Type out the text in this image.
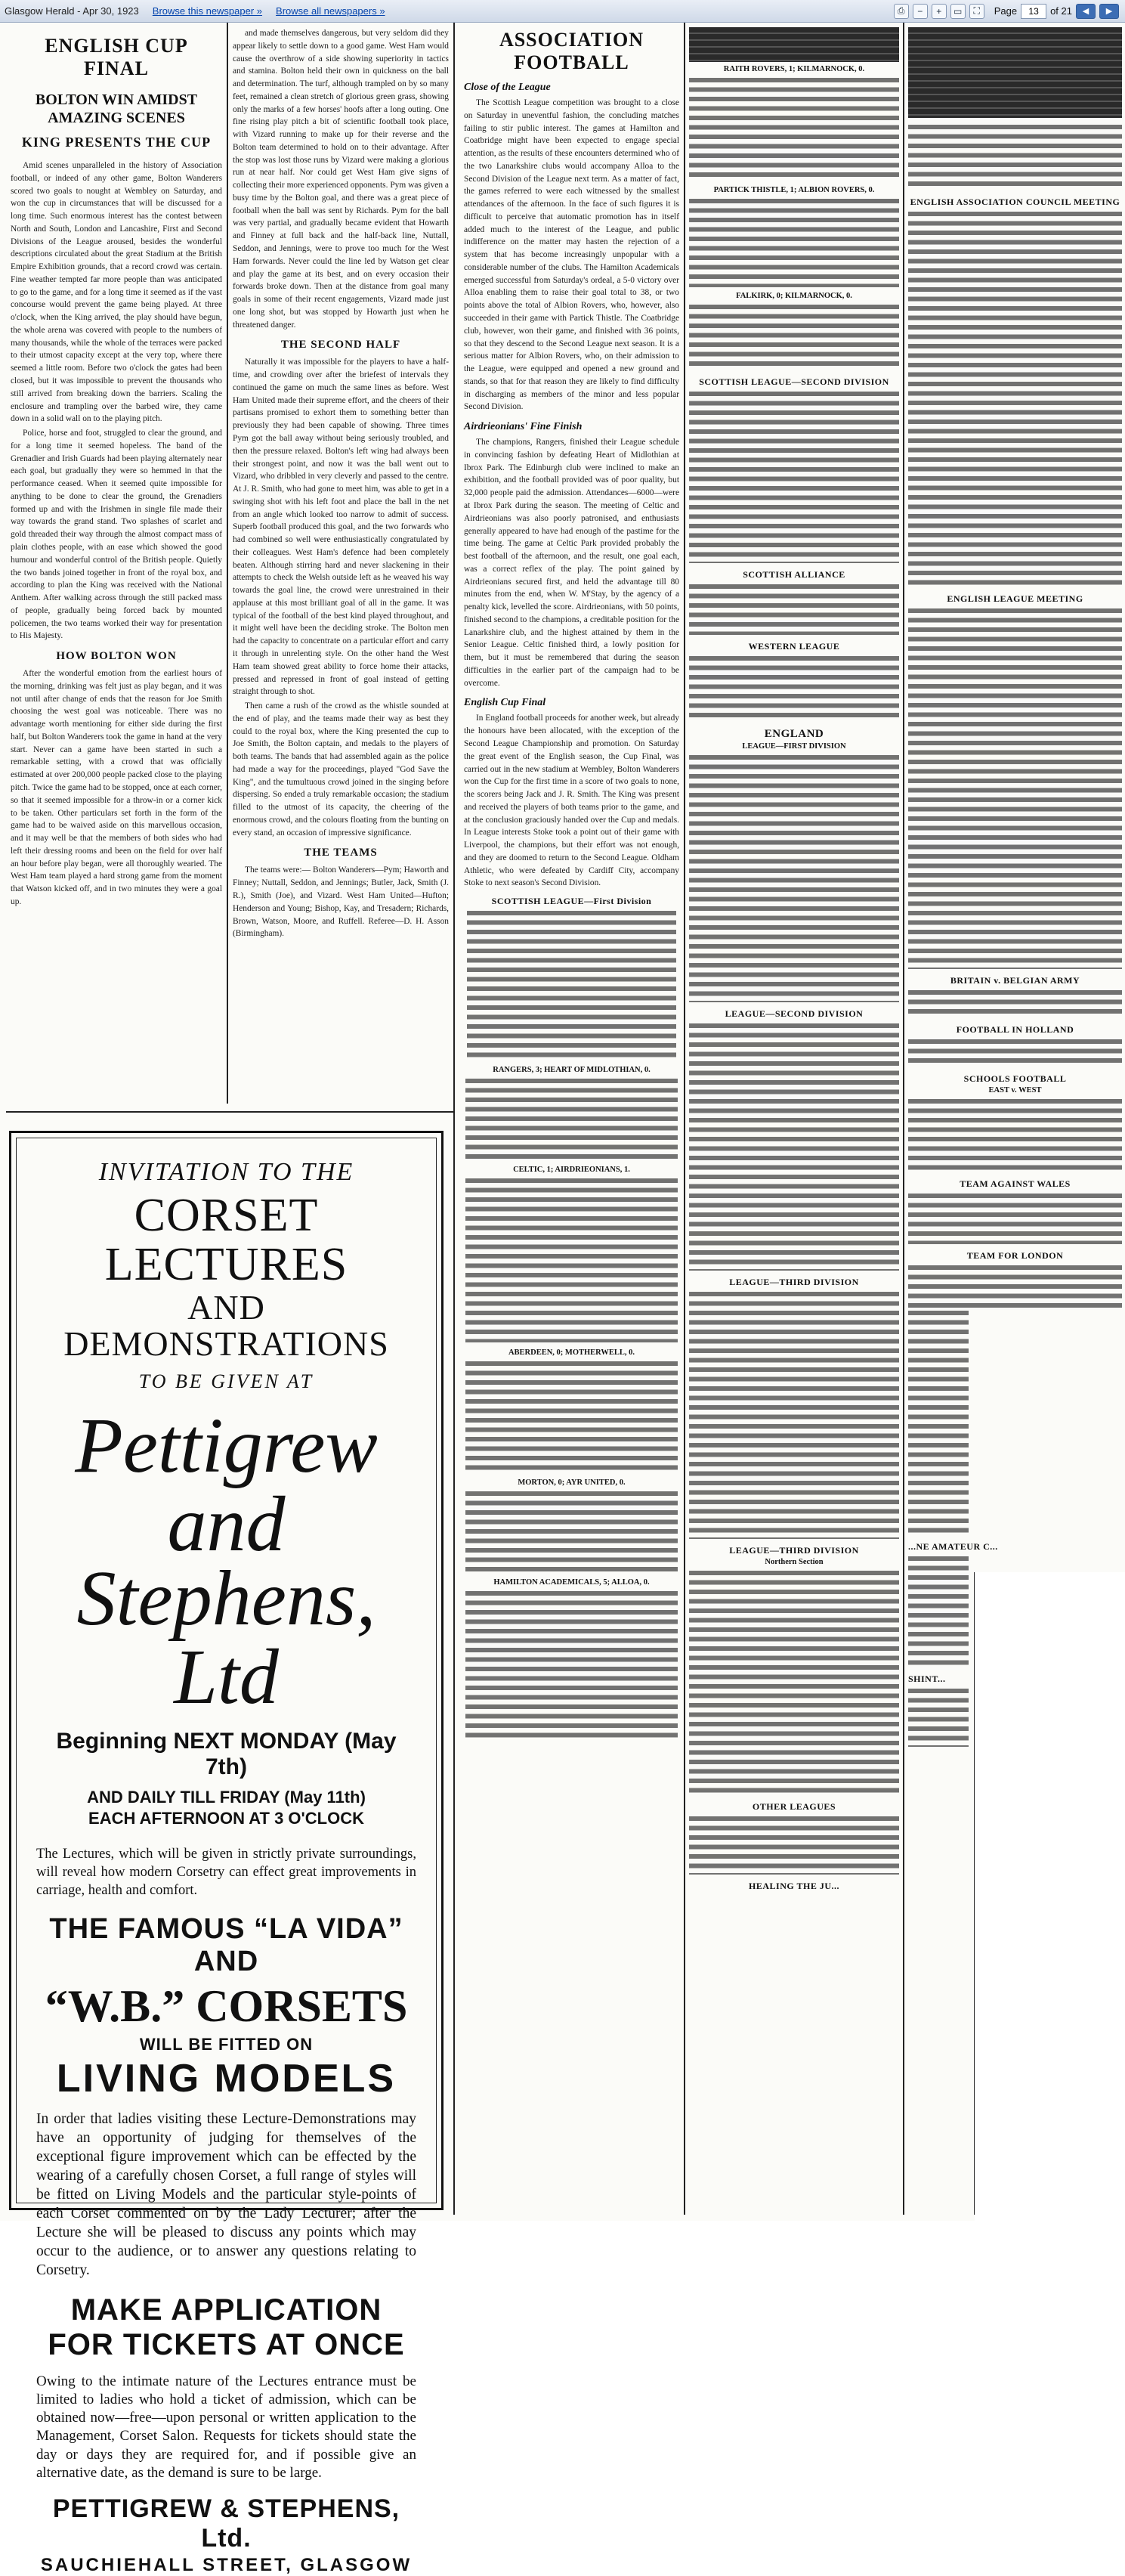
Glasgow Herald - Apr 30, 1923 Browse this newspaper » Browse all newspapers »	⎙	−	+	▭	⛶	Page
13	of 21	◀	▶
ENGLISH CUP FINAL
BOLTON WIN AMIDST AMAZING SCENES
KING PRESENTS THE CUP

Amid scenes unparalleled in the history of Association football, or indeed of any other game, Bolton Wanderers scored two goals to nought at Wembley on Saturday, and won the cup in circumstances that will be discussed for a long time. Such enormous interest has the contest between North and South, London and Lancashire, First and Second Divisions of the League aroused, besides the wonderful descriptions circulated about the great Stadium at the British Empire Exhibition grounds, that a record crowd was certain. Fine weather tempted far more people than was anticipated to go to the game, and for a long time it seemed as if the vast concourse would prevent the game being played. At three o'clock, when the King arrived, the play should have begun, the whole arena was covered with people to the numbers of many thousands, while the whole of the terraces were packed to their utmost capacity except at the very top, where there seemed a little room. Before two o'clock the gates had been closed, but it was impossible to prevent the thousands who still arrived from breaking down the barriers. Scaling the enclosure and trampling over the barbed wire, they came down in a solid wall on to the playing pitch.

Police, horse and foot, struggled to clear the ground, and for a long time it seemed hopeless. The band of the Grenadier and Irish Guards had been playing alternately near each goal, but gradually they were so hemmed in that the performance ceased. When it seemed quite impossible for anything to be done to clear the ground, the Grenadiers formed up and with the Irishmen in single file made their way towards the grand stand. Two splashes of scarlet and gold threaded their way through the almost compact mass of plain clothes people, with an ease which showed the good humour and wonderful control of the British people. Quietly the two bands joined together in front of the royal box, and according to plan the King was received with the National Anthem. After walking across through the still packed mass of people, gradually being forced back by mounted policemen, the two teams worked their way for presentation to His Majesty.

HOW BOLTON WON

After the wonderful emotion from the earliest hours of the morning, drinking was felt just as play began, and it was not until after change of ends that the reason for Joe Smith choosing the west goal was noticeable. There was no advantage worth mentioning for either side during the first half, but Bolton Wanderers took the game in hand at the very start. Never can a game have been started in such a remarkable setting, with a crowd that was officially estimated at over 200,000 people packed close to the playing pitch. Twice the game had to be stopped, once at each corner, so that it seemed impossible for a throw-in or a corner kick to be taken. Other particulars set forth in the form of the game had to be waived aside on this marvellous occasion, and it may well be that the members of both sides who had left their dressing rooms and been on the field for over half an hour before play began, were all thoroughly wearied. The West Ham team played a hard strong game from the moment that Watson kicked off, and in two minutes they were a goal up.

and made themselves dangerous, but very seldom did they appear likely to settle down to a good game. West Ham would cause the overthrow of a side showing superiority in tactics and stamina. Bolton held their own in quickness on the ball and determination. The turf, although trampled on by so many feet, remained a clean stretch of glorious green grass, showing only the marks of a few horses' hoofs after a long outing. One fine rising play pitch a bit of scientific football took place, with Vizard running to make up for their reverse and the Bolton team determined to hold on to their advantage. After the stop was lost those runs by Vizard were making a glorious run at near half. Nor could get West Ham give signs of collecting their more experienced opponents. Pym was given a busy time by the Bolton goal, and there was a great piece of football when the ball was sent by Richards. Pym for the ball was very partial, and gradually became evident that Howarth and Finney at full back and the half-back line, Nuttall, Seddon, and Jennings, were to prove too much for the West Ham forwards. Never could the line led by Watson get clear and play the game at its best, and on every occasion their forwards broke down. Then at the distance from goal many goals in some of their recent engagements, Vizard made just one long shot, but was stopped by Howarth just when he threatened danger.

THE SECOND HALF

Naturally it was impossible for the players to have a half-time, and crowding over after the briefest of intervals they continued the game on much the same lines as before. West Ham United made their supreme effort, and the cheers of their partisans promised to exhort them to something better than previously they had been capable of showing. Three times Pym got the ball away without being seriously troubled, and then the pressure relaxed. Bolton's left wing had always been their strongest point, and now it was the ball went out to Vizard, who dribbled in very cleverly and passed to the centre. At J. R. Smith, who had gone to meet him, was able to get in a swinging shot with his left foot and place the ball in the net from an angle which looked too narrow to admit of success. Superb football produced this goal, and the two forwards who had combined so well were enthusiastically congratulated by their colleagues. West Ham's defence had been completely beaten. Although stirring hard and never slackening in their attempts to check the Welsh outside left as he weaved his way towards the goal line, the crowd were unrestrained in their applause at this most brilliant goal of all in the game. It was typical of the football of the best kind played throughout, and it might well have been the deciding stroke. The Bolton men had the capacity to concentrate on a particular effort and carry it through in unrelenting style. On the other hand the West Ham team showed great ability to force home their attacks, pressed and repressed in front of goal instead of getting straight through to shot.

Then came a rush of the crowd as the whistle sounded at the end of play, and the teams made their way as best they could to the royal box, where the King presented the cup to Joe Smith, the Bolton captain, and medals to the players of both teams. The bands that had assembled again as the police had made a way for the proceedings, played "God Save the King", and the tumultuous crowd joined in the singing before dispersing. So ended a truly remarkable occasion; the stadium filled to the utmost of its capacity, the cheering of the enormous crowd, and the colours floating from the bunting on every stand, an occasion of impressive significance.

THE TEAMS

The teams were:— Bolton Wanderers—Pym; Haworth and Finney; Nuttall, Seddon, and Jennings; Butler, Jack, Smith (J. R.), Smith (Joe), and Vizard. West Ham United—Hufton; Henderson and Young; Bishop, Kay, and Tresadern; Richards, Brown, Watson, Moore, and Ruffell. Referee—D. H. Asson (Birmingham).

INVITATION TO THE
CORSET LECTURES
AND DEMONSTRATIONS
TO BE GIVEN AT
Pettigrew and
Stephens, Ltd
Beginning NEXT MONDAY (May 7th)
AND DAILY TILL FRIDAY (May 11th)
EACH AFTERNOON AT 3 O'CLOCK
The Lectures, which will be given in strictly private surroundings, will reveal how modern Corsetry can effect great improvements in carriage, health and comfort.
THE FAMOUS “LA VIDA” AND
“W.B.” CORSETS
WILL BE FITTED ON
LIVING MODELS
In order that ladies visiting these Lecture-Demonstrations may have an opportunity of judging for themselves of the exceptional figure improvement which can be effected by the wearing of a carefully chosen Corset, a full range of styles will be fitted on Living Models and the particular style-points of each Corset commented on by the Lady Lecturer; after the Lecture she will be pleased to discuss any points which may occur to the audience, or to answer any questions relating to Corsetry.
MAKE APPLICATION
FOR TICKETS AT ONCE
Owing to the intimate nature of the Lectures entrance must be limited to ladies who hold a ticket of admission, which can be obtained now—free—upon personal or written application to the Management, Corset Salon. Requests for tickets should state the day or days they are required for, and if possible give an alternative date, as the demand is sure to be large.
PETTIGREW & STEPHENS, Ltd.
SAUCHIEHALL STREET, GLASGOW
ASSOCIATION FOOTBALL
Close of the League

The Scottish League competition was brought to a close on Saturday in uneventful fashion, the concluding matches failing to stir public interest. The games at Hamilton and Coatbridge might have been expected to engage special attention, as the results of these encounters determined who of the two Lanarkshire clubs would accompany Alloa to the Second Division of the League next term. As a matter of fact, the games referred to were each witnessed by the smallest attendances of the afternoon. In the face of such figures it is difficult to perceive that automatic promotion has in itself added much to the interest of the League, and public indifference on the matter may hasten the rejection of a system that has become increasingly unpopular with a considerable number of the clubs. The Hamilton Academicals emerged successful from Saturday's ordeal, a 5-0 victory over Alloa enabling them to raise their goal total to 38, or two points above the total of Albion Rovers, who, however, also succeeded in their game with Partick Thistle. The Coatbridge club, however, won their game, and finished with 36 points, so that they descend to the Second League next season. It is a serious matter for Albion Rovers, who, on their admission to the League, were equipped and opened a new ground and stands, so that for that reason they are likely to find difficulty in discharging as members of the minor and less popular Second Division.

Airdrieonians' Fine Finish

The champions, Rangers, finished their League schedule in convincing fashion by defeating Heart of Midlothian at Ibrox Park. The Edinburgh club were inclined to make an exhibition, and the football provided was of poor quality, but 32,000 people paid the admission. Attendances—6000—were at Ibrox Park during the season. The meeting of Celtic and Airdrieonians was also poorly patronised, and enthusiasts generally appeared to have had enough of the pastime for the time being. The game at Celtic Park provided probably the best football of the afternoon, and the result, one goal each, was a correct reflex of the play. The point gained by Airdrieonians secured first, and held the advantage till 80 minutes from the end, when W. M'Stay, by the agency of a penalty kick, levelled the score. Airdrieonians, with 50 points, finished second to the champions, a creditable position for the Lanarkshire club, and the highest attained by them in the Senior League. Celtic finished third, a lowly position for them, but it must be remembered that during the season difficulties in the earlier part of the campaign had to be overcome.

English Cup Final

In England football proceeds for another week, but already the honours have been allocated, with the exception of the Second League Championship and promotion. On Saturday the great event of the English season, the Cup Final, was carried out in the new stadium at Wembley, Bolton Wanderers won the Cup for the first time in a score of two goals to none, the scorers being Jack and J. R. Smith. The King was present and received the players of both teams prior to the game, and at the conclusion graciously handed over the Cup and medals. In League interests Stoke took a point out of their game with Liverpool, the champions, but their effort was not enough, and they are doomed to return to the Second League. Oldham Athletic, who were defeated by Cardiff City, accompany Stoke to next season's Second Division.

SCOTTISH LEAGUE—First Division
RANGERS, 3; HEART OF MIDLOTHIAN, 0.
CELTIC, 1; AIRDRIEONIANS, 1.
ABERDEEN, 0; MOTHERWELL, 0.
MORTON, 0; AYR UNITED, 0.
HAMILTON ACADEMICALS, 5; ALLOA, 0.
RAITH ROVERS, 1; KILMARNOCK, 0.
PARTICK THISTLE, 1; ALBION ROVERS, 0.
FALKIRK, 0; KILMARNOCK, 0.
SCOTTISH LEAGUE—SECOND DIVISION
SCOTTISH ALLIANCE
WESTERN LEAGUE
ENGLAND
LEAGUE—FIRST DIVISION
LEAGUE—SECOND DIVISION
LEAGUE—THIRD DIVISION
LEAGUE—THIRD DIVISION
Northern Section
OTHER LEAGUES
HEALING THE JU...
ENGLISH ASSOCIATION COUNCIL MEETING
ENGLISH LEAGUE MEETING
BRITAIN v. BELGIAN ARMY
FOOTBALL IN HOLLAND
SCHOOLS FOOTBALL
EAST v. WEST
TEAM AGAINST WALES
TEAM FOR LONDON
...NE AMATEUR C...
SHINT...
